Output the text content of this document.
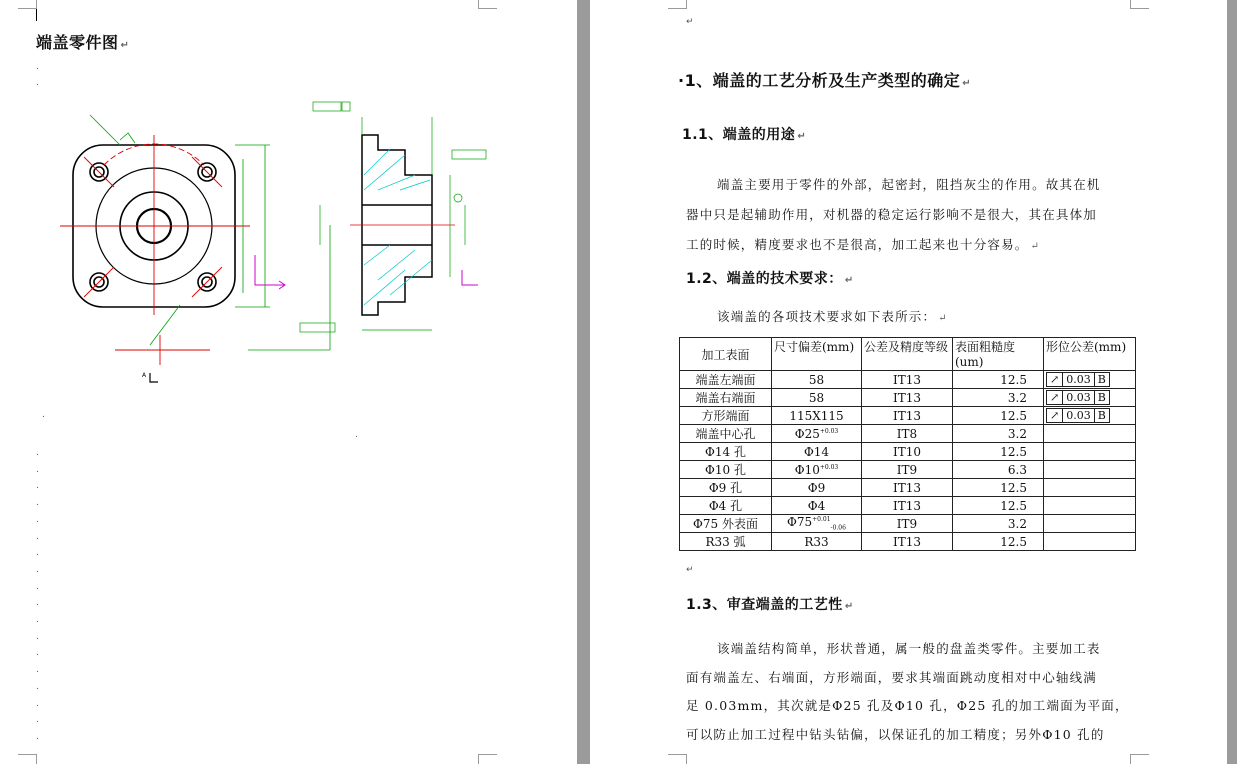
端盖零件图 ↵
A
.
.
.
.
.
.
.
.
.
.
.
.
.
.
.
.
.
.
.
.
.
.
↵
·1、端盖的工艺分析及生产类型的确定 ↵
1.1、端盖的用途 ↵
端盖主要用于零件的外部，起密封，阻挡灰尘的作用。故其在机
器中只是起辅助作用，对机器的稳定运行影响不是很大，其在具体加
工的时候，精度要求也不是很高，加工起来也十分容易。 ↵
1.2、端盖的技术要求： ↵
该端盖的各项技术要求如下表所示： ↵
加工表面	尺寸偏差(mm)	公差及精度等级	表面粗糙度(um)	形位公差(mm)
端盖左端面	58	IT13	12.5	↗ 0.03 B

端盖右端面	58	IT13	3.2	↗ 0.03 B

方形端面	115X115	IT13	12.5	↗ 0.03 B

端盖中心孔	$\Phi 25^{+0.03}$	IT8	3.2	
Φ14 孔	Φ14	IT10	12.5	
Φ10 孔	$\Phi 10^{+0.03}$	IT9	6.3	
Φ9 孔	Φ9	IT13	12.5	
Φ4 孔	Φ4	IT13	12.5	
Φ75 外表面	$\Phi 75^{+0.01}_{-0.06}$	IT9	3.2	
R33 弧	R33	IT13	12.5	
↵
1.3、审查端盖的工艺性 ↵
该端盖结构简单，形状普通，属一般的盘盖类零件。主要加工表
面有端盖左、右端面，方形端面，要求其端面跳动度相对中心轴线满
足 0.03mm，其次就是Φ25 孔及Φ10 孔，Φ25 孔的加工端面为平面，
可以防止加工过程中钻头钻偏，以保证孔的加工精度；另外Φ10 孔的
